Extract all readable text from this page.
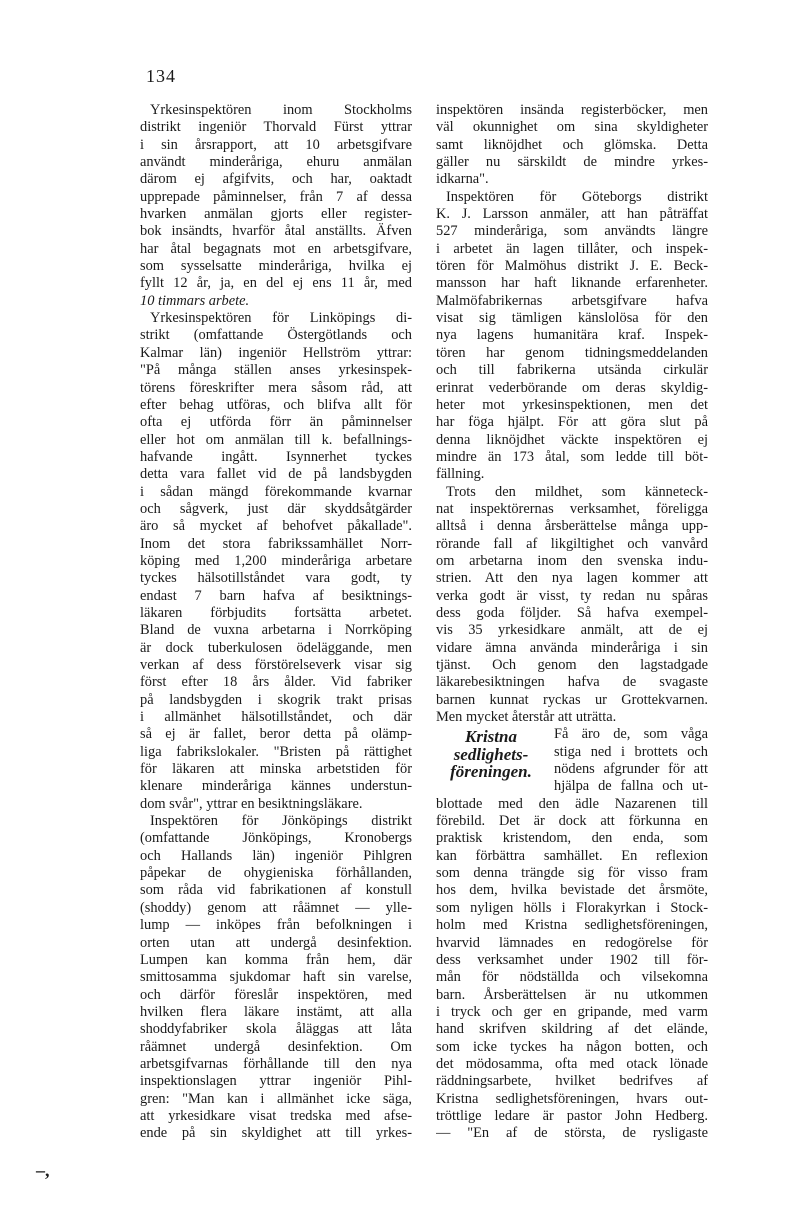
134
Yrkesinspektören inom Stockholms
distrikt ingeniör Thorvald Fürst yttrar
i sin årsrapport, att 10 arbetsgifvare
användt minderåriga, ehuru anmälan
därom ej afgifvits, och har, oaktadt
upprepade påminnelser, från 7 af dessa
hvarken anmälan gjorts eller register-
bok insändts, hvarför åtal anställts. Äfven
har åtal begagnats mot en arbetsgifvare,
som sysselsatte minderåriga, hvilka ej
fyllt 12 år, ja, en del ej ens 11 år, med
10 timmars arbete.
Yrkesinspektören för Linköpings di-
strikt (omfattande Östergötlands och
Kalmar län) ingeniör Hellström yttrar:
"På många ställen anses yrkesinspek-
törens föreskrifter mera såsom råd, att
efter behag utföras, och blifva allt för
ofta ej utförda förr än påminnelser
eller hot om anmälan till k. befallnings-
hafvande ingått. Isynnerhet tyckes
detta vara fallet vid de på landsbygden
i sådan mängd förekommande kvarnar
och sågverk, just där skyddsåtgärder
äro så mycket af behofvet påkallade".
Inom det stora fabrikssamhället Norr-
köping med 1,200 minderåriga arbetare
tyckes hälsotillståndet vara godt, ty
endast 7 barn hafva af besiktnings-
läkaren förbjudits fortsätta arbetet.
Bland de vuxna arbetarna i Norrköping
är dock tuberkulosen ödeläggande, men
verkan af dess förstörelseverk visar sig
först efter 18 års ålder. Vid fabriker
på landsbygden i skogrik trakt prisas
i allmänhet hälsotillståndet, och där
så ej är fallet, beror detta på olämp-
liga fabrikslokaler. "Bristen på rättighet
för läkaren att minska arbetstiden för
klenare minderåriga kännes understun-
dom svår", yttrar en besiktningsläkare.
Inspektören för Jönköpings distrikt
(omfattande Jönköpings, Kronobergs
och Hallands län) ingeniör Pihlgren
påpekar de ohygieniska förhållanden,
som råda vid fabrikationen af konstull
(shoddy) genom att råämnet — ylle-
lump — inköpes från befolkningen i
orten utan att undergå desinfektion.
Lumpen kan komma från hem, där
smittosamma sjukdomar haft sin varelse,
och därför föreslår inspektören, med
hvilken flera läkare instämt, att alla
shoddyfabriker skola åläggas att låta
råämnet undergå desinfektion. Om
arbetsgifvarnas förhållande till den nya
inspektionslagen yttrar ingeniör Pihl-
gren: "Man kan i allmänhet icke säga,
att yrkesidkare visat tredska med afse-
ende på sin skyldighet att till yrkes-
inspektören insända registerböcker, men
väl okunnighet om sina skyldigheter
samt liknöjdhet och glömska. Detta
gäller nu särskildt de mindre yrkes-
idkarna".
Inspektören för Göteborgs distrikt
K. J. Larsson anmäler, att han påträffat
527 minderåriga, som användts längre
i arbetet än lagen tillåter, och inspek-
tören för Malmöhus distrikt J. E. Beck-
mansson har haft liknande erfarenheter.
Malmöfabrikernas arbetsgifvare hafva
visat sig tämligen känslolösa för den
nya lagens humanitära kraf. Inspek-
tören har genom tidningsmeddelanden
och till fabrikerna utsända cirkulär
erinrat vederbörande om deras skyldig-
heter mot yrkesinspektionen, men det
har föga hjälpt. För att göra slut på
denna liknöjdhet väckte inspektören ej
mindre än 173 åtal, som ledde till böt-
fällning.
Trots den mildhet, som känneteck-
nat inspektörernas verksamhet, föreligga
alltså i denna årsberättelse många upp-
rörande fall af likgiltighet och vanvård
om arbetarna inom den svenska indu-
strien. Att den nya lagen kommer att
verka godt är visst, ty redan nu spåras
dess goda följder. Så hafva exempel-
vis 35 yrkesidkare anmält, att de ej
vidare ämna använda minderåriga i sin
tjänst. Och genom den lagstadgade
läkarebesiktningen hafva de svagaste
barnen kunnat ryckas ur Grottekvarnen.
Men mycket återstår att uträtta.
Kristna
sedlighets-
föreningen.
Få äro de, som våga
stiga ned i brottets och
nödens afgrunder för att
hjälpa de fallna och ut-
blottade med den ädle Nazarenen till
förebild. Det är dock att förkunna en
praktisk kristendom, den enda, som
kan förbättra samhället. En reflexion
som denna trängde sig för visso fram
hos dem, hvilka bevistade det årsmöte,
som nyligen hölls i Florakyrkan i Stock-
holm med Kristna sedlighetsföreningen,
hvarvid lämnades en redogörelse för
dess verksamhet under 1902 till för-
mån för nödställda och vilsekomna
barn. Årsberättelsen är nu utkommen
i tryck och ger en gripande, med varm
hand skrifven skildring af det elände,
som icke tyckes ha någon botten, och
det mödosamma, ofta med otack lönade
räddningsarbete, hvilket bedrifves af
Kristna sedlighetsföreningen, hvars out-
tröttlige ledare är pastor John Hedberg.
— "En af de största, de rysligaste
–,
